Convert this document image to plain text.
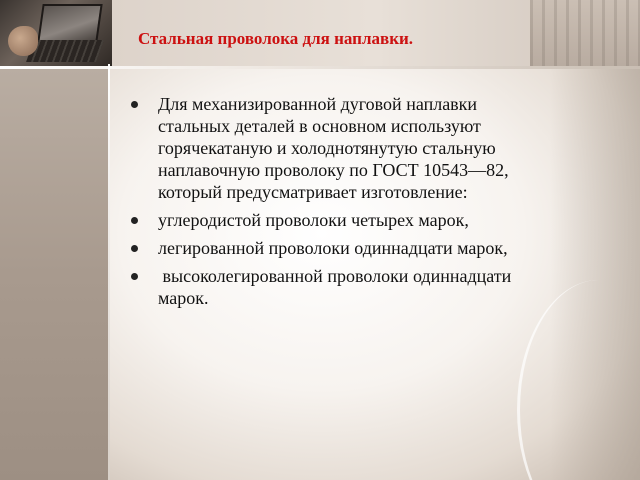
Стальная проволока для наплавки.
Для механизированной дуговой наплавки стальных деталей в основном используют горячекатаную и холоднотянутую стальную наплавочную проволоку по ГОСТ 10543—82, который предусматривает изготовление:
углеродистой проволоки четырех марок,
легированной проволоки одиннадцати марок,
высоколегированной проволоки одиннадцати марок.
